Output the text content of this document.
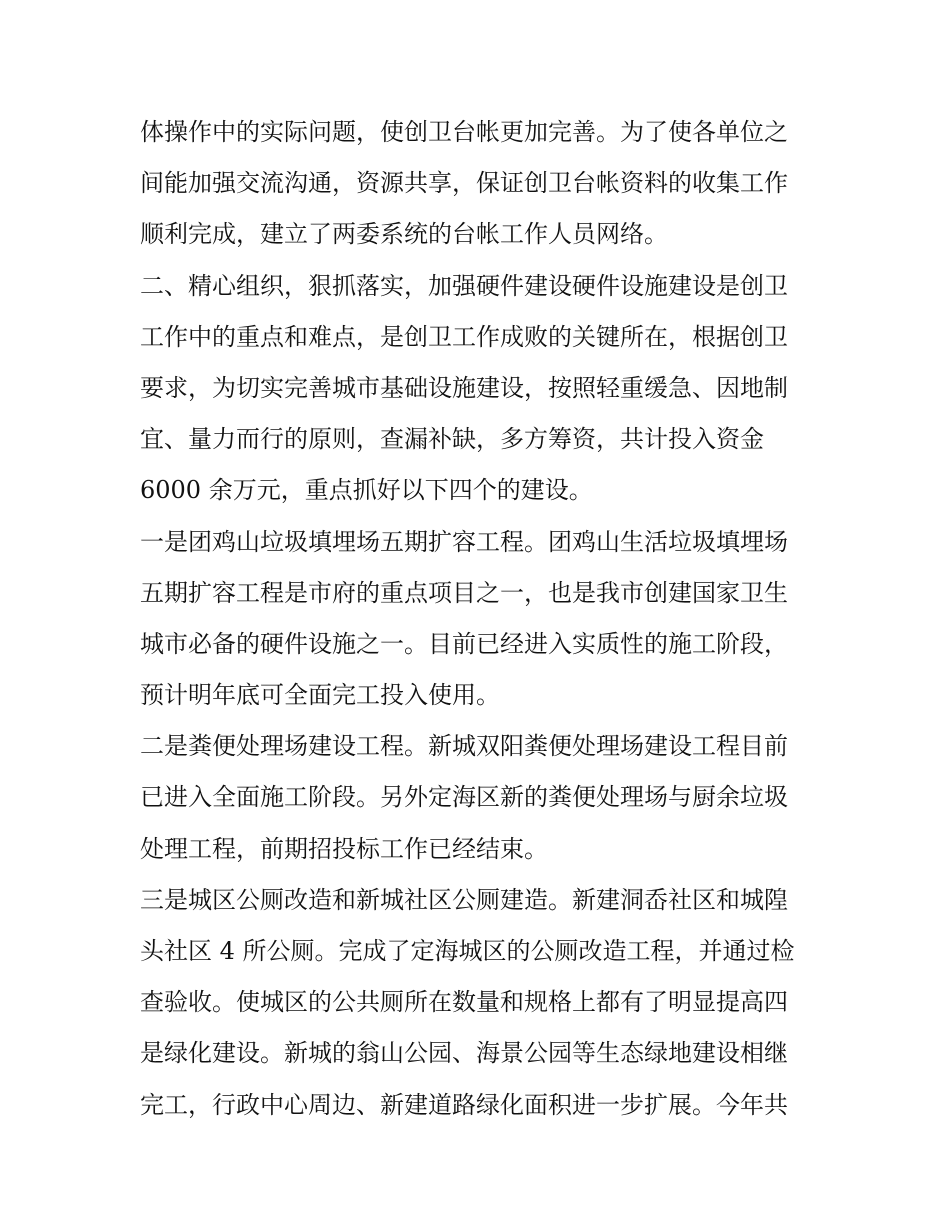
体操作中的实际问题，使创卫台帐更加完善。为了使各单位之
间能加强交流沟通，资源共享，保证创卫台帐资料的收集工作
顺利完成，建立了两委系统的台帐工作人员网络。
二、精心组织，狠抓落实，加强硬件建设硬件设施建设是创卫
工作中的重点和难点，是创卫工作成败的关键所在，根据创卫
要求，为切实完善城市基础设施建设，按照轻重缓急、因地制
宜、量力而行的原则，查漏补缺，多方筹资，共计投入资金
6000 余万元，重点抓好以下四个的建设。
一是团鸡山垃圾填埋场五期扩容工程。团鸡山生活垃圾填埋场
五期扩容工程是市府的重点项目之一，也是我市创建国家卫生
城市必备的硬件设施之一。目前已经进入实质性的施工阶段，
预计明年底可全面完工投入使用。
二是粪便处理场建设工程。新城双阳粪便处理场建设工程目前
已进入全面施工阶段。另外定海区新的粪便处理场与厨余垃圾
处理工程，前期招投标工作已经结束。
三是城区公厕改造和新城社区公厕建造。新建洞岙社区和城隍
头社区 4 所公厕。完成了定海城区的公厕改造工程，并通过检
查验收。使城区的公共厕所在数量和规格上都有了明显提高四
是绿化建设。新城的翁山公园、海景公园等生态绿地建设相继
完工，行政中心周边、新建道路绿化面积进一步扩展。今年共
